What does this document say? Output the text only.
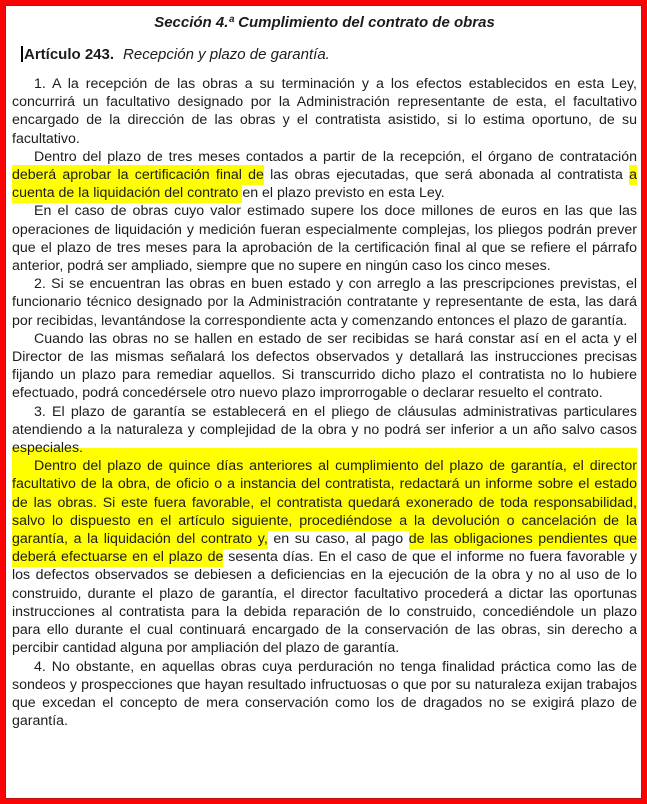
Sección 4.ª Cumplimiento del contrato de obras
Artículo 243. Recepción y plazo de garantía.

1. A la recepción de las obras a su terminación y a los efectos establecidos en esta Ley, concurrirá un facultativo designado por la Administración representante de esta, el facultativo encargado de la dirección de las obras y el contratista asistido, si lo estima oportuno, de su facultativo.

Dentro del plazo de tres meses contados a partir de la recepción, el órgano de contratación deberá aprobar la certificación final de las obras ejecutadas, que será abonada al contratista a cuenta de la liquidación del contrato en el plazo previsto en esta Ley.

En el caso de obras cuyo valor estimado supere los doce millones de euros en las que las operaciones de liquidación y medición fueran especialmente complejas, los pliegos podrán prever que el plazo de tres meses para la aprobación de la certificación final al que se refiere el párrafo anterior, podrá ser ampliado, siempre que no supere en ningún caso los cinco meses.

2. Si se encuentran las obras en buen estado y con arreglo a las prescripciones previstas, el funcionario técnico designado por la Administración contratante y representante de esta, las dará por recibidas, levantándose la correspondiente acta y comenzando entonces el plazo de garantía.

Cuando las obras no se hallen en estado de ser recibidas se hará constar así en el acta y el Director de las mismas señalará los defectos observados y detallará las instrucciones precisas fijando un plazo para remediar aquellos. Si transcurrido dicho plazo el contratista no lo hubiere efectuado, podrá concedérsele otro nuevo plazo improrrogable o declarar resuelto el contrato.

3. El plazo de garantía se establecerá en el pliego de cláusulas administrativas particulares atendiendo a la naturaleza y complejidad de la obra y no podrá ser inferior a un año salvo casos especiales.

Dentro del plazo de quince días anteriores al cumplimiento del plazo de garantía, el director facultativo de la obra, de oficio o a instancia del contratista, redactará un informe sobre el estado de las obras. Si este fuera favorable, el contratista quedará exonerado de toda responsabilidad, salvo lo dispuesto en el artículo siguiente, procediéndose a la devolución o cancelación de la garantía, a la liquidación del contrato y, en su caso, al pago de las obligaciones pendientes que deberá efectuarse en el plazo de sesenta días. En el caso de que el informe no fuera favorable y los defectos observados se debiesen a deficiencias en la ejecución de la obra y no al uso de lo construido, durante el plazo de garantía, el director facultativo procederá a dictar las oportunas instrucciones al contratista para la debida reparación de lo construido, concediéndole un plazo para ello durante el cual continuará encargado de la conservación de las obras, sin derecho a percibir cantidad alguna por ampliación del plazo de garantía.

4. No obstante, en aquellas obras cuya perduración no tenga finalidad práctica como las de sondeos y prospecciones que hayan resultado infructuosas o que por su naturaleza exijan trabajos que excedan el concepto de mera conservación como los de dragados no se exigirá plazo de garantía.
